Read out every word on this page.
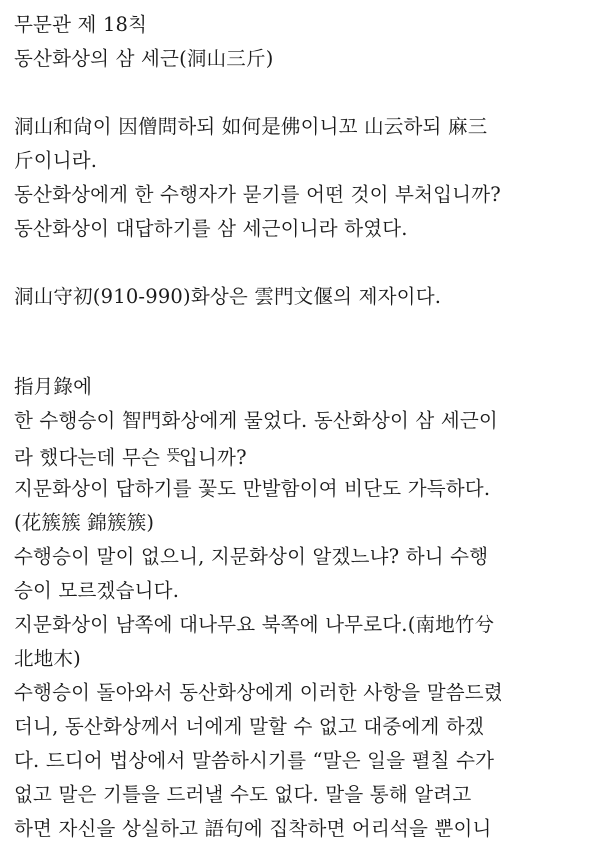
무문관 제 18칙
동산화상의 삼 세근(洞山三斤)
洞山和尙이 因僧問하되 如何是佛이니꼬 山云하되 麻三
斤이니라.
동산화상에게 한 수행자가 묻기를 어떤 것이 부처입니까?
동산화상이 대답하기를 삼 세근이니라 하였다.
洞山守初(910-990)화상은 雲門文偃의 제자이다.
指月錄에
한 수행승이 智門화상에게 물었다. 동산화상이 삼 세근이
라 했다는데 무슨 $^뜻$입니까?
지문화상이 답하기를 꽃도 만발함이여 비단도 가득하다.
(花簇簇 錦簇簇)
수행승이 말이 없으니, 지문화상이 알겠느냐? 하니 수행
승이 모르겠습니다.
지문화상이 남쪽에 대나무요 북쪽에 나무로다.(南地竹兮
北地木)
수행승이 돌아와서 동산화상에게 이러한 사항을 말씀드렸
더니, 동산화상께서 너에게 말할 수 없고 대중에게 하겠
다. 드디어 법상에서 말씀하시기를 “말은 일을 펼칠 수가
없고 말은 기틀을 드러낼 수도 없다. 말을 통해 알려고
하면 자신을 상실하고 語句에 집착하면 어리석을 뿐이니
